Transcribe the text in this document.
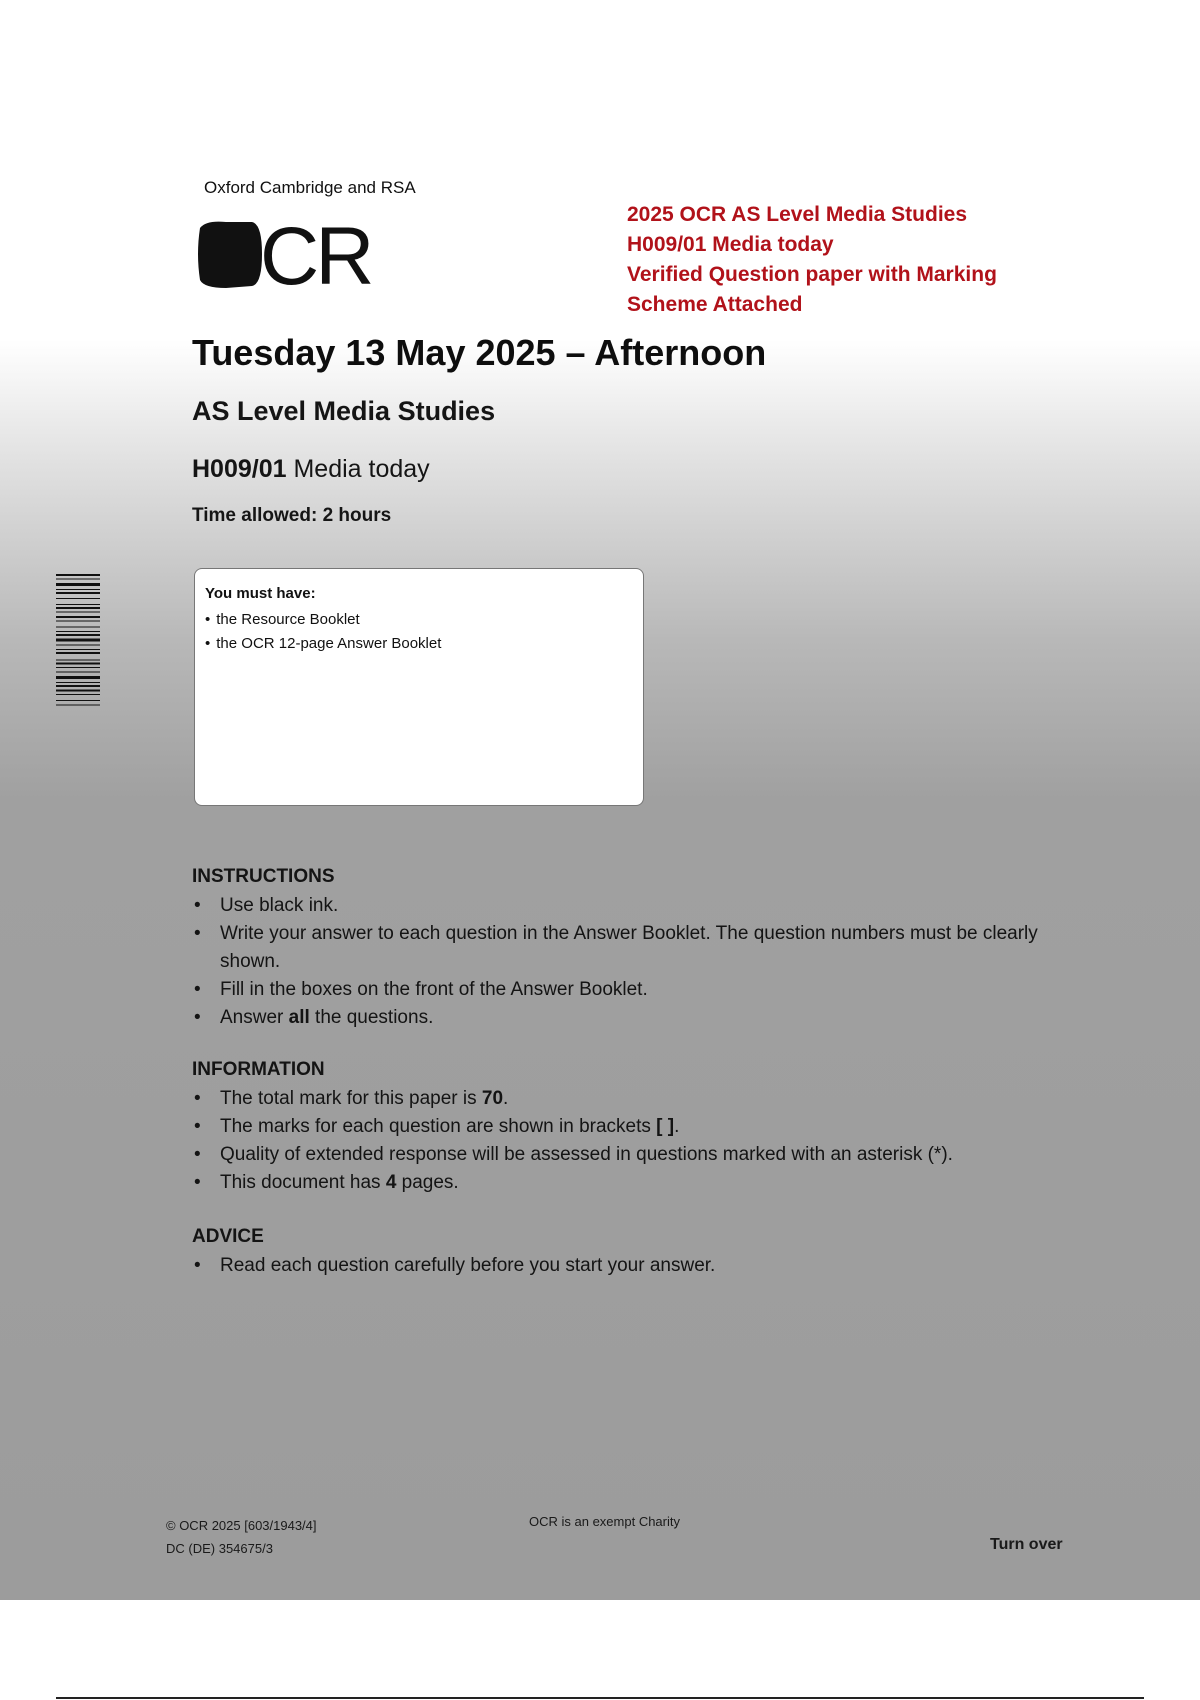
Oxford Cambridge and RSA
CR	2025 OCR AS Level Media Studies
H009/01 Media today
Verified Question paper with Marking
Scheme Attached
Tuesday 13 May 2025 – Afternoon
AS Level Media Studies
H009/01 Media today
Time allowed: 2 hours
You must have:
• the Resource Booklet
• the OCR 12-page Answer Booklet
INSTRUCTIONS
• Use black ink.
• Write your answer to each question in the Answer Booklet. The question numbers must be clearly shown.
• Fill in the boxes on the front of the Answer Booklet.
• Answer all the questions.
INFORMATION
• The total mark for this paper is 70.
• The marks for each question are shown in brackets [ ].
• Quality of extended response will be assessed in questions marked with an asterisk (*).
• This document has 4 pages.
ADVICE
• Read each question carefully before you start your answer.
© OCR 2025 [603/1943/4]
DC (DE) 354675/3
OCR is an exempt Charity
Turn over
